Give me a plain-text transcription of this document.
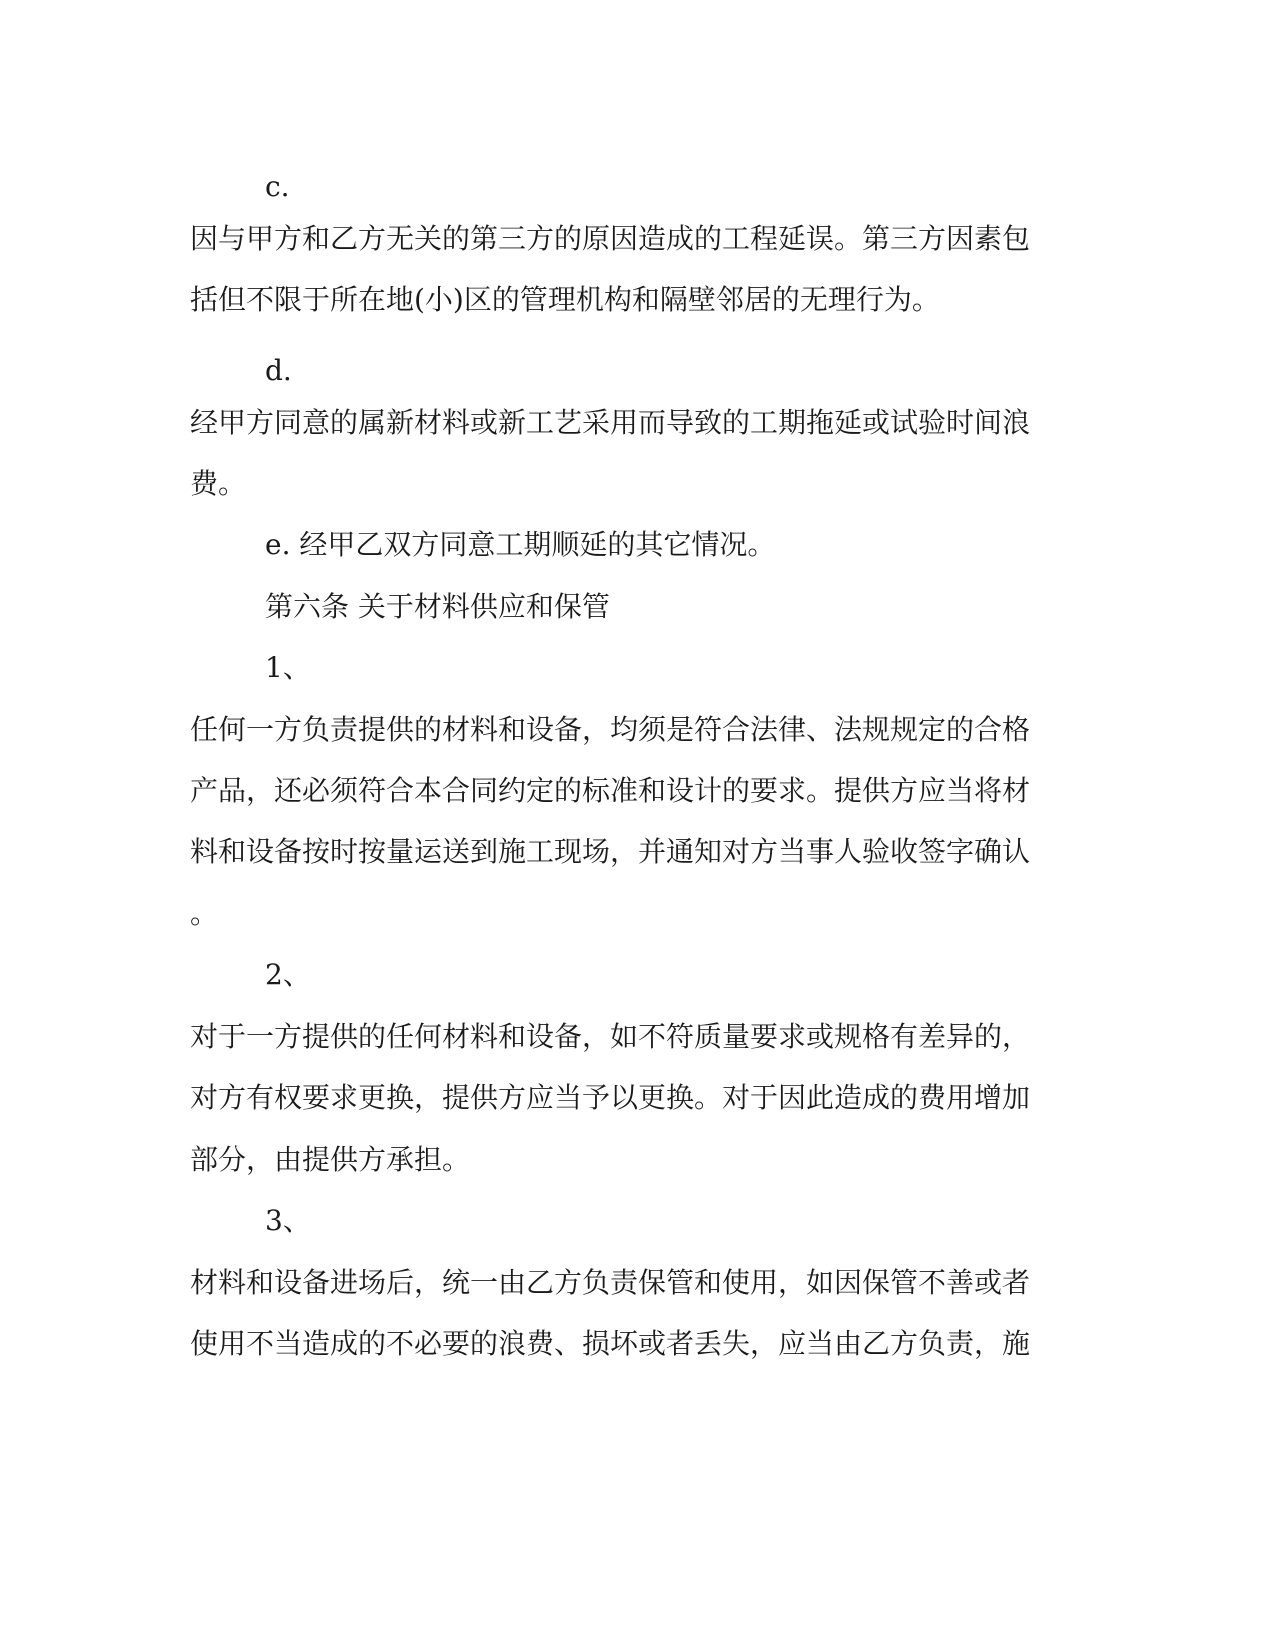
c.
因与甲方和乙方无关的第三方的原因造成的工程延误。第三方因素包
括但不限于所在地(小)区的管理机构和隔壁邻居的无理行为。
d.
经甲方同意的属新材料或新工艺采用而导致的工期拖延或试验时间浪
费。
e. 经甲乙双方同意工期顺延的其它情况。
第六条 关于材料供应和保管
1、
任何一方负责提供的材料和设备，均须是符合法律、法规规定的合格
产品，还必须符合本合同约定的标准和设计的要求。提供方应当将材
料和设备按时按量运送到施工现场，并通知对方当事人验收签字确认
。
2、
对于一方提供的任何材料和设备，如不符质量要求或规格有差异的，
对方有权要求更换，提供方应当予以更换。对于因此造成的费用增加
部分，由提供方承担。
3、
材料和设备进场后，统一由乙方负责保管和使用，如因保管不善或者
使用不当造成的不必要的浪费、损坏或者丢失，应当由乙方负责，施
